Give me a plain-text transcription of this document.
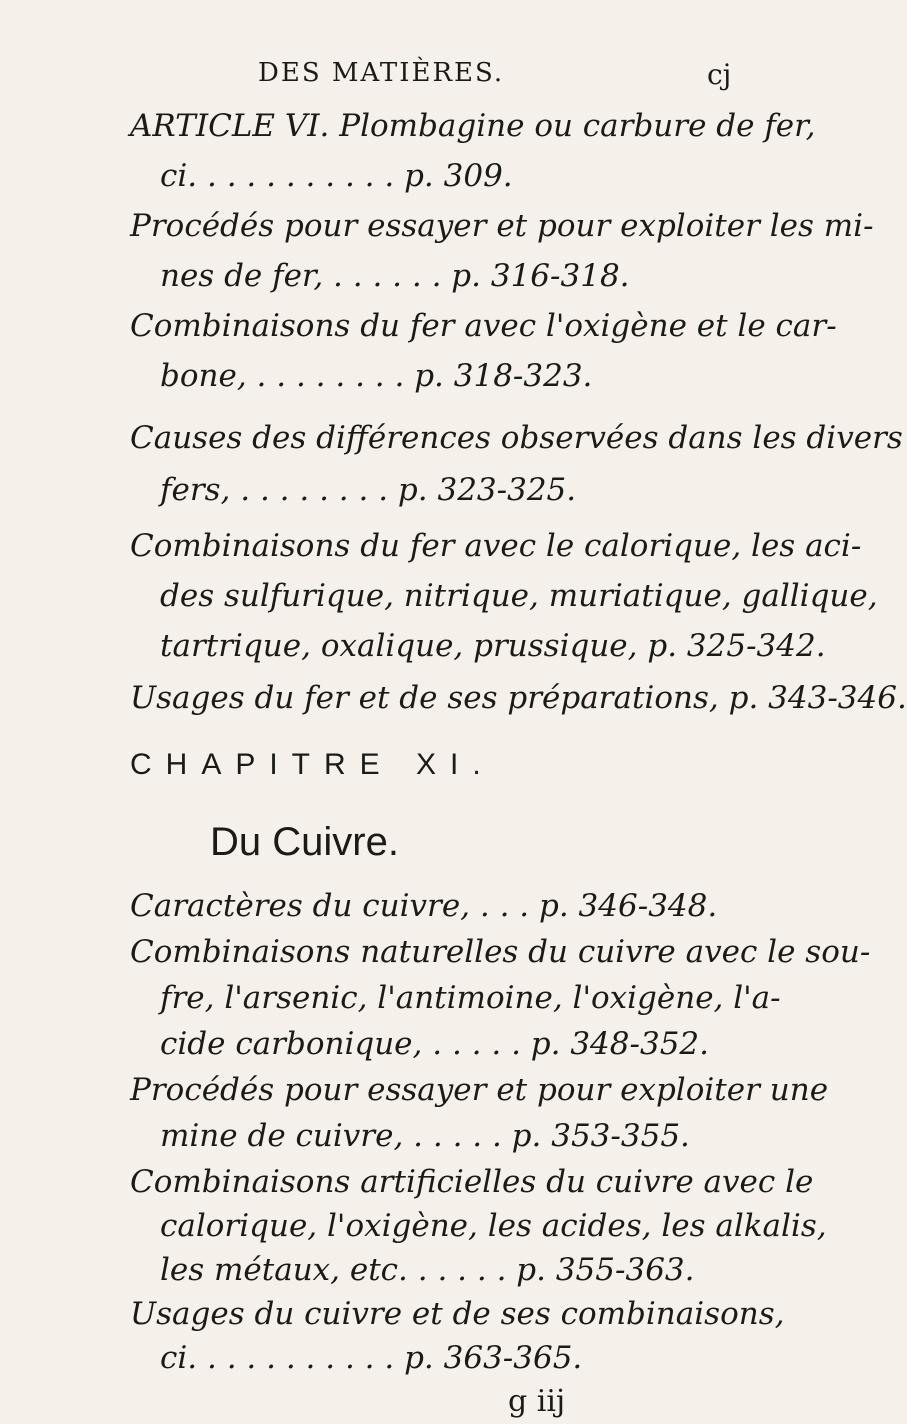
DES MATIÈRES.	cj
ARTICLE VI. Plombagine ou carbure de fer,
ci. . . . . . . . . . . p. 309.
Procédés pour essayer et pour exploiter les mi-
nes de fer, . . . . . . p. 316-318.
Combinaisons du fer avec l'oxigène et le car-
bone, . . . . . . . . p. 318-323.
Causes des différences observées dans les divers
fers, . . . . . . . . p. 323-325.
Combinaisons du fer avec le calorique, les aci-
des sulfurique, nitrique, muriatique, gallique,
tartrique, oxalique, prussique, p. 325-342.
Usages du fer et de ses préparations, p. 343-346.
CHAPITRE XI.
Du Cuivre.
Caractères du cuivre, . . . p. 346-348.
Combinaisons naturelles du cuivre avec le sou-
fre, l'arsenic, l'antimoine, l'oxigène, l'a-
cide carbonique, . . . . . p. 348-352.
Procédés pour essayer et pour exploiter une
mine de cuivre, . . . . . p. 353-355.
Combinaisons artificielles du cuivre avec le
calorique, l'oxigène, les acides, les alkalis,
les métaux, etc. . . . . . p. 355-363.
Usages du cuivre et de ses combinaisons,
ci. . . . . . . . . . . p. 363-365.
g iij
